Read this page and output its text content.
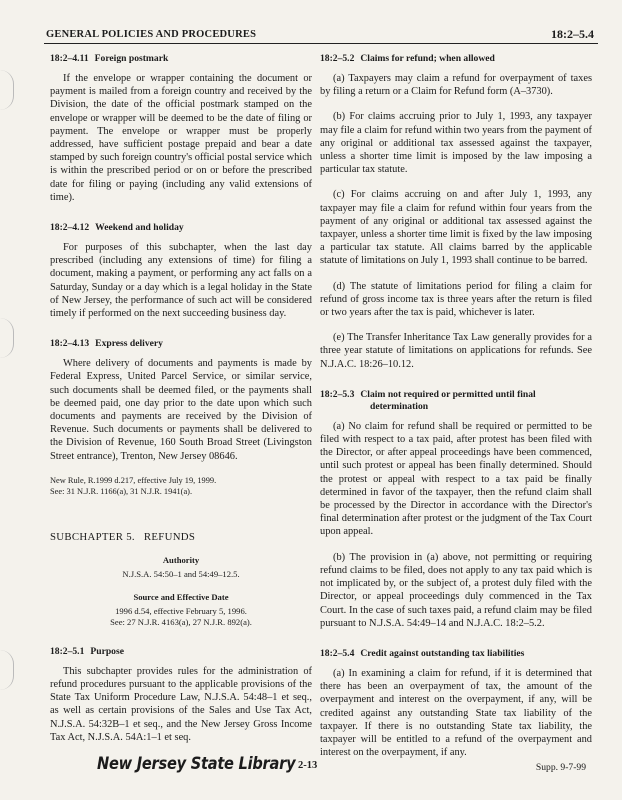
GENERAL POLICIES AND PROCEDURES	18:2–5.4
18:2–4.11 Foreign postmark

If the envelope or wrapper containing the document or payment is mailed from a foreign country and received by the Division, the date of the official postmark stamped on the envelope or wrapper will be deemed to be the date of filing or payment. The envelope or wrapper must be properly addressed, have sufficient postage prepaid and bear a date stamped by such foreign country's official postal service which is within the prescribed period or on or before the prescribed date for filing or paying (including any valid extensions of time).

18:2–4.12 Weekend and holiday

For purposes of this subchapter, when the last day prescribed (including any extensions of time) for filing a document, making a payment, or performing any act falls on a Saturday, Sunday or a day which is a legal holiday in the State of New Jersey, the performance of such act will be considered timely if performed on the next succeeding business day.

18:2–4.13 Express delivery

Where delivery of documents and payments is made by Federal Express, United Parcel Service, or similar service, such documents shall be deemed filed, or the payments shall be deemed paid, one day prior to the date upon which such documents and payments are received by the Division of Revenue. Such documents or payments shall be delivered to the Division of Revenue, 160 South Broad Street (Livingston Street entrance), Trenton, New Jersey 08646.

New Rule, R.1999 d.217, effective July 19, 1999.
See: 31 N.J.R. 1166(a), 31 N.J.R. 1941(a).
SUBCHAPTER 5.   REFUNDS
Authority
N.J.S.A. 54:50–1 and 54:49–12.5.
Source and Effective Date
1996 d.54, effective February 5, 1996.
See: 27 N.J.R. 4163(a), 27 N.J.R. 892(a).
18:2–5.1 Purpose

This subchapter provides rules for the administration of refund procedures pursuant to the applicable provisions of the State Tax Uniform Procedure Law, N.J.S.A. 54:48–1 et seq., as well as certain provisions of the Sales and Use Tax Act, N.J.S.A. 54:32B–1 et seq., and the New Jersey Gross Income Tax Act, N.J.S.A. 54A:1–1 et seq.

18:2–5.2 Claims for refund; when allowed

(a) Taxpayers may claim a refund for overpayment of taxes by filing a return or a Claim for Refund form (A–3730).

(b) For claims accruing prior to July 1, 1993, any taxpayer may file a claim for refund within two years from the payment of any original or additional tax assessed against the taxpayer, unless a shorter time limit is imposed by the law imposing a particular tax statute.

(c) For claims accruing on and after July 1, 1993, any taxpayer may file a claim for refund within four years from the payment of any original or additional tax assessed against the taxpayer, unless a shorter time limit is fixed by the law imposing a particular tax statute. All claims barred by the applicable statute of limitations on July 1, 1993 shall continue to be barred.

(d) The statute of limitations period for filing a claim for refund of gross income tax is three years after the return is filed or two years after the tax is paid, whichever is later.

(e) The Transfer Inheritance Tax Law generally provides for a three year statute of limitations on applications for refunds. See N.J.A.C. 18:26–10.12.

18:2–5.3 Claim not required or permitted until final
determination

(a) No claim for refund shall be required or permitted to be filed with respect to a tax paid, after protest has been filed with the Director, or after appeal proceedings have been commenced, until such protest or appeal has been finally determined. Should the protest or appeal with respect to a tax paid be finally determined in favor of the taxpayer, then the refund claim shall be processed by the Director in accordance with the Director's final determination after protest or the judgment of the Tax Court upon appeal.

(b) The provision in (a) above, not permitting or requiring refund claims to be filed, does not apply to any tax paid which is not implicated by, or the subject of, a protest duly filed with the Director, or appeal proceedings duly commenced in the Tax Court. In the case of such taxes paid, a refund claim may be filed pursuant to N.J.S.A. 54:49–14 and N.J.A.C. 18:2–5.2.

18:2–5.4 Credit against outstanding tax liabilities

(a) In examining a claim for refund, if it is determined that there has been an overpayment of tax, the amount of the overpayment and interest on the overpayment, if any, will be credited against any outstanding State tax liability of the taxpayer. If there is no outstanding State tax liability, the taxpayer will be entitled to a refund of the overpayment and interest on the overpayment, if any.

New Jersey State Library 2-13	Supp. 9-7-99
